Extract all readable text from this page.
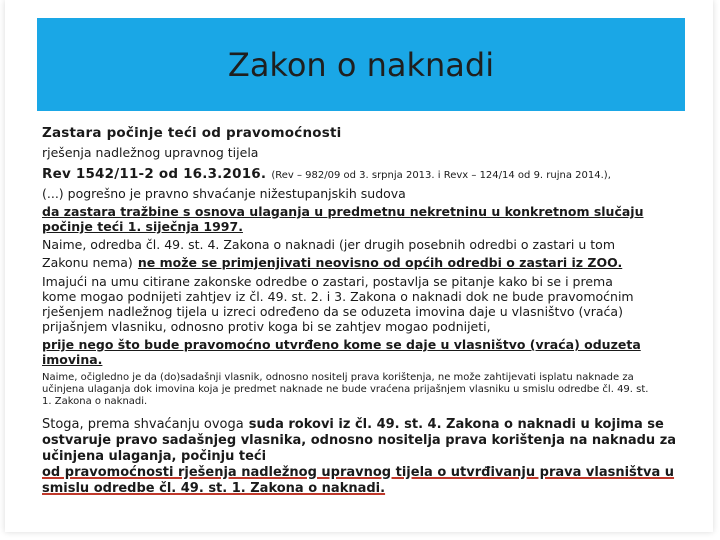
Zakon o naknadi

Zastara počinje teći od pravomoćnosti

rješenja nadležnog upravnog tijela

Rev 1542/11-2 od 16.3.2016. (Rev – 982/09 od 3. srpnja 2013. i Revx – 124/14 od 9. rujna 2014.),

(...) pogrešno je pravno shvaćanje nižestupanjskih sudova

da zastara tražbine s osnova ulaganja u predmetnu nekretninu u konkretnom slučaju

počinje teći 1. siječnja 1997.

Naime, odredba čl. 49. st. 4. Zakona o naknadi (jer drugih posebnih odredbi o zastari u tom

Zakonu nema) ne može se primjenjivati neovisno od općih odredbi o zastari iz ZOO.

Imajući na umu citirane zakonske odredbe o zastari, postavlja se pitanje kako bi se i prema

kome mogao podnijeti zahtjev iz čl. 49. st. 2. i 3. Zakona o naknadi dok ne bude pravomoćnim

rješenjem nadležnog tijela u izreci određeno da se oduzeta imovina daje u vlasništvo (vraća)

prijašnjem vlasniku, odnosno protiv koga bi se zahtjev mogao podnijeti,

prije nego što bude pravomoćno utvrđeno kome se daje u vlasništvo (vraća) oduzeta

imovina.

Naime, očigledno je da (do)sadašnji vlasnik, odnosno nositelj prava korištenja, ne može zahtijevati isplatu naknade za

učinjena ulaganja dok imovina koja je predmet naknade ne bude vraćena prijašnjem vlasniku u smislu odredbe čl. 49. st.

1. Zakona o naknadi.

Stoga, prema shvaćanju ovoga suda rokovi iz čl. 49. st. 4. Zakona o naknadi u kojima se

ostvaruje pravo sadašnjeg vlasnika, odnosno nositelja prava korištenja na naknadu za

učinjena ulaganja, počinju teći

od pravomoćnosti rješenja nadležnog upravnog tijela o utvrđivanju prava vlasništva u

smislu odredbe čl. 49. st. 1. Zakona o naknadi.
